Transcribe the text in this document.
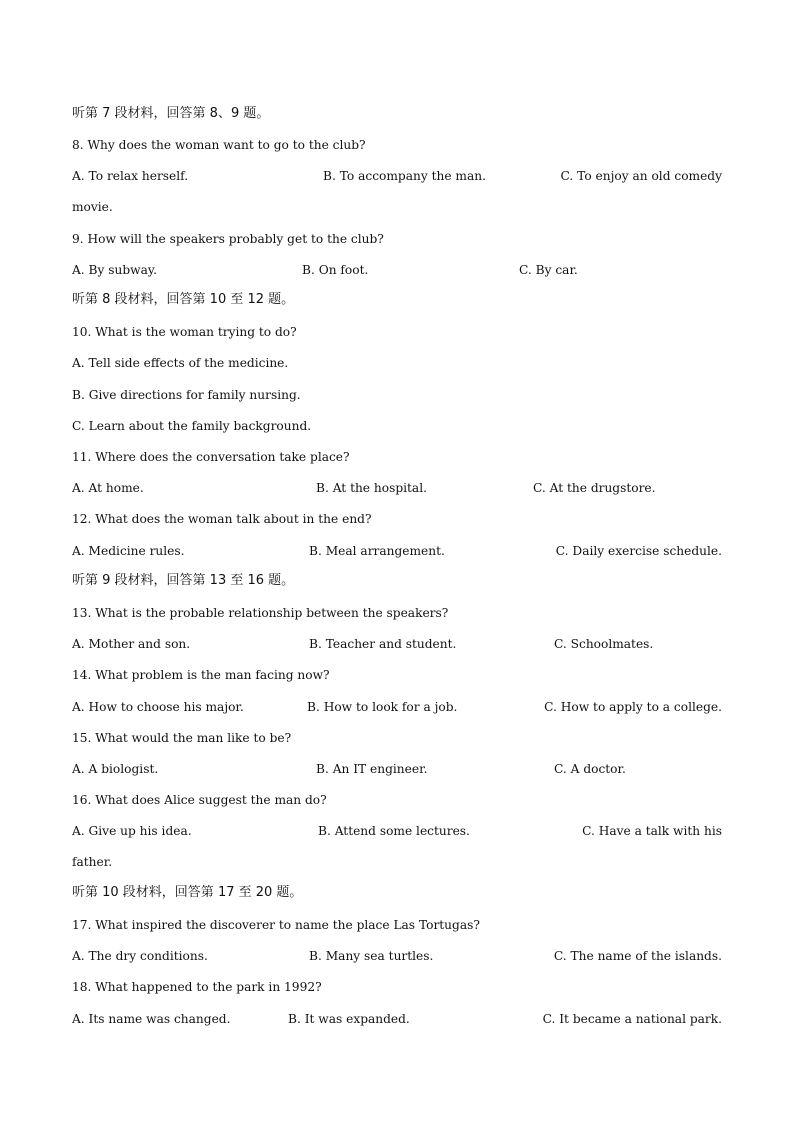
听第 7 段材料，回答第 8、9 题。
8. Why does the woman want to go to the club?
A. To relax herself.	B. To accompany the man.	C. To enjoy an old comedy
movie.
9. How will the speakers probably get to the club?
A. By subway.	B. On foot.	C. By car.
听第 8 段材料，回答第 10 至 12 题。
10. What is the woman trying to do?
A. Tell side effects of the medicine.
B. Give directions for family nursing.
C. Learn about the family background.
11. Where does the conversation take place?
A. At home.	B. At the hospital.	C. At the drugstore.
12. What does the woman talk about in the end?
A. Medicine rules.	B. Meal arrangement.	C. Daily exercise schedule.
听第 9 段材料，回答第 13 至 16 题。
13. What is the probable relationship between the speakers?
A. Mother and son.	B. Teacher and student.	C. Schoolmates.
14. What problem is the man facing now?
A. How to choose his major.	B. How to look for a job.	C. How to apply to a college.
15. What would the man like to be?
A. A biologist.	B. An IT engineer.	C. A doctor.
16. What does Alice suggest the man do?
A. Give up his idea.	B. Attend some lectures.	C. Have a talk with his
father.
听第 10 段材料，回答第 17 至 20 题。
17. What inspired the discoverer to name the place Las Tortugas?
A. The dry conditions.	B. Many sea turtles.	C. The name of the islands.
18. What happened to the park in 1992?
A. Its name was changed.	B. It was expanded.	C. It became a national park.
